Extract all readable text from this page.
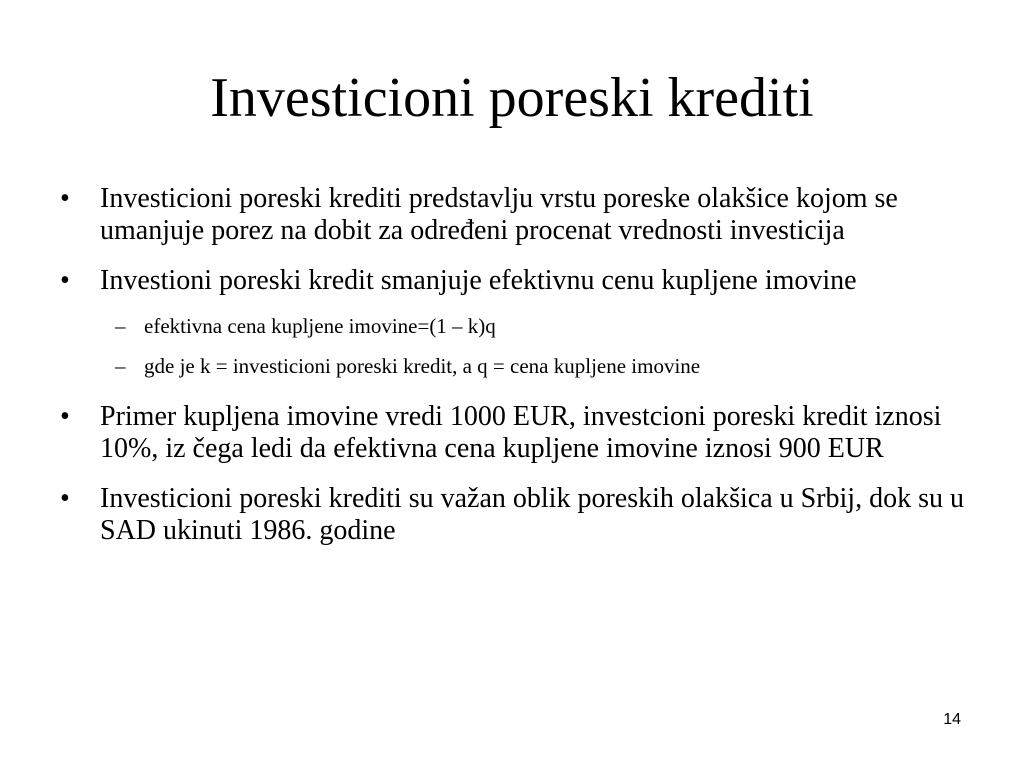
Investicioni poreski krediti
•	Investicioni poreski krediti predstavlju vrstu poreske olakšice kojom se umanjuje porez na dobit za određeni procenat vrednosti investicija
•	Investioni poreski kredit smanjuje efektivnu cenu kupljene imovine
– efektivna cena kupljene imovine=(1 – k)q
– gde je k = investicioni poreski kredit, a q = cena kupljene imovine
•	Primer kupljena imovine vredi 1000 EUR, investcioni poreski kredit iznosi 10%, iz čega ledi da efektivna cena kupljene imovine iznosi 900 EUR
•	Investicioni poreski krediti su važan oblik poreskih olakšica u Srbij, dok su u SAD ukinuti 1986. godine
14
